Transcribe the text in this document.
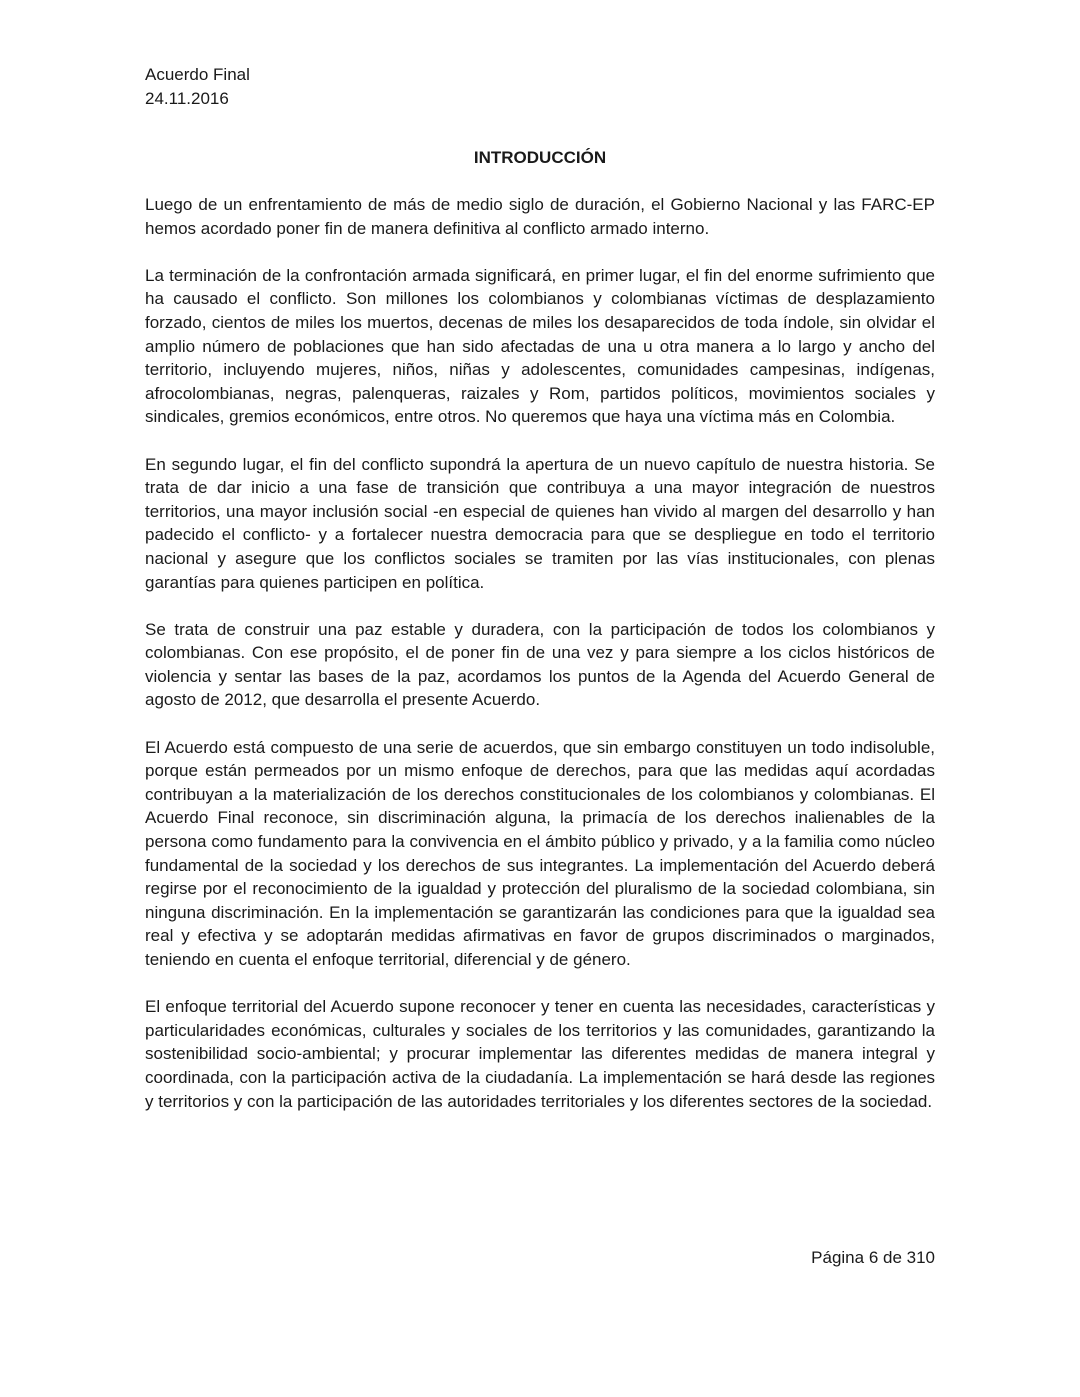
Acuerdo Final
24.11.2016
INTRODUCCIÓN

Luego de un enfrentamiento de más de medio siglo de duración, el Gobierno Nacional y las FARC-EP hemos acordado poner fin de manera definitiva al conflicto armado interno.

La terminación de la confrontación armada significará, en primer lugar, el fin del enorme sufrimiento que ha causado el conflicto. Son millones los colombianos y colombianas víctimas de desplazamiento forzado, cientos de miles los muertos, decenas de miles los desaparecidos de toda índole, sin olvidar el amplio número de poblaciones que han sido afectadas de una u otra manera a lo largo y ancho del territorio, incluyendo mujeres, niños, niñas y adolescentes, comunidades campesinas, indígenas, afrocolombianas, negras, palenqueras, raizales y Rom, partidos políticos, movimientos sociales y sindicales, gremios económicos, entre otros. No queremos que haya una víctima más en Colombia.

En segundo lugar, el fin del conflicto supondrá la apertura de un nuevo capítulo de nuestra historia. Se trata de dar inicio a una fase de transición que contribuya a una mayor integración de nuestros territorios, una mayor inclusión social -en especial de quienes han vivido al margen del desarrollo y han padecido el conflicto- y a fortalecer nuestra democracia para que se despliegue en todo el territorio nacional y asegure que los conflictos sociales se tramiten por las vías institucionales, con plenas garantías para quienes participen en política.

Se trata de construir una paz estable y duradera, con la participación de todos los colombianos y colombianas. Con ese propósito, el de poner fin de una vez y para siempre a los ciclos históricos de violencia y sentar las bases de la paz, acordamos los puntos de la Agenda del Acuerdo General de agosto de 2012, que desarrolla el presente Acuerdo.

El Acuerdo está compuesto de una serie de acuerdos, que sin embargo constituyen un todo indisoluble, porque están permeados por un mismo enfoque de derechos, para que las medidas aquí acordadas contribuyan a la materialización de los derechos constitucionales de los colombianos y colombianas. El Acuerdo Final reconoce, sin discriminación alguna, la primacía de los derechos inalienables de la persona como fundamento para la convivencia en el ámbito público y privado, y a la familia como núcleo fundamental de la sociedad y los derechos de sus integrantes. La implementación del Acuerdo deberá regirse por el reconocimiento de la igualdad y protección del pluralismo de la sociedad colombiana, sin ninguna discriminación. En la implementación se garantizarán las condiciones para que la igualdad sea real y efectiva y se adoptarán medidas afirmativas en favor de grupos discriminados o marginados, teniendo en cuenta el enfoque territorial, diferencial y de género.

El enfoque territorial del Acuerdo supone reconocer y tener en cuenta las necesidades, características y particularidades económicas, culturales y sociales de los territorios y las comunidades, garantizando la sostenibilidad socio-ambiental; y procurar implementar las diferentes medidas de manera integral y coordinada, con la participación activa de la ciudadanía. La implementación se hará desde las regiones y territorios y con la participación de las autoridades territoriales y los diferentes sectores de la sociedad.

Página 6 de 310
